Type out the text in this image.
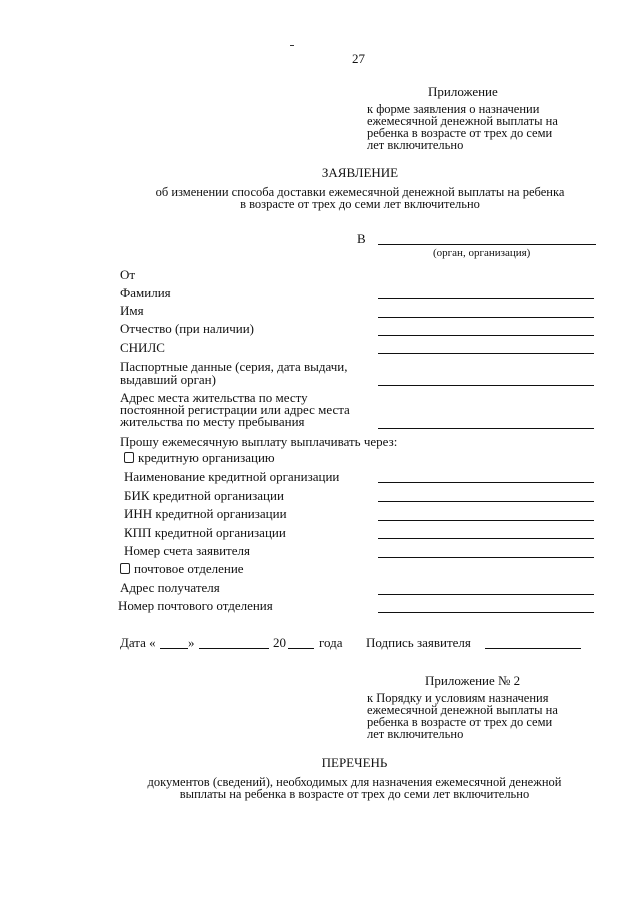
27
Приложение
к форме заявления о назначении
ежемесячной денежной выплаты на
ребенка в возрасте от трех до семи
лет включительно
ЗАЯВЛЕНИЕ
об изменении способа доставки ежемесячной денежной выплаты на ребенка
в возрасте от трех до семи лет включительно
В
(орган, организация)
От
Фамилия
Имя
Отчество (при наличии)
СНИЛС
Паспортные данные (серия, дата выдачи,
выдавший орган)
Адрес места жительства по месту
постоянной регистрации или адрес места
жительства по месту пребывания
Прошу ежемесячную выплату выплачивать через:
кредитную организацию
Наименование кредитной организации
БИК кредитной организации
ИНН кредитной организации
КПП кредитной организации
Номер счета заявителя
почтовое отделение
Адрес получателя
Номер почтового отделения
Дата « »	20	года Подпись заявителя
Приложение № 2
к Порядку и условиям назначения
ежемесячной денежной выплаты на
ребенка в возрасте от трех до семи
лет включительно
ПЕРЕЧЕНЬ
документов (сведений), необходимых для назначения ежемесячной денежной
выплаты на ребенка в возрасте от трех до семи лет включительно
